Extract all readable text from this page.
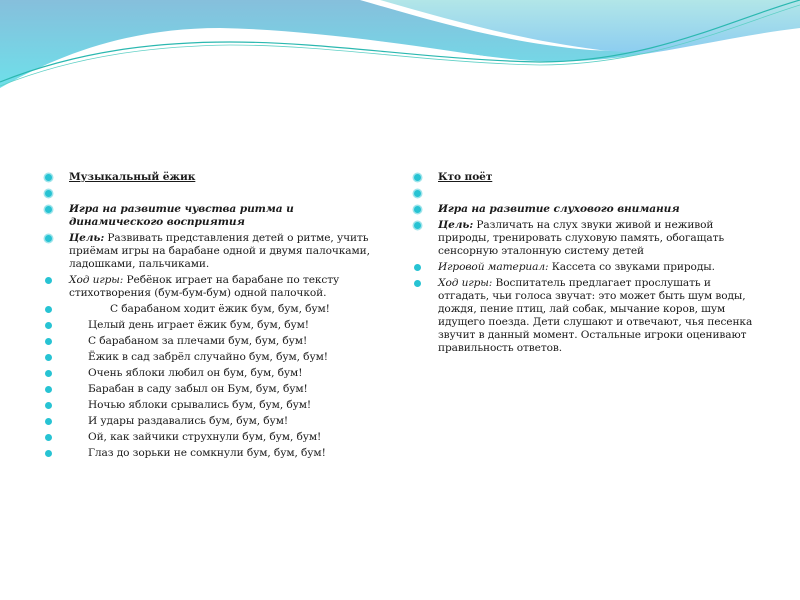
Музыкальный ёжик
Игра на развитие чувства ритма и динамического восприятия
Цель: Развивать представления детей о ритме, учить приёмам игры на барабане одной и двумя палочками, ладошками, пальчиками.
Ход игры: Ребёнок играет на барабане по тексту стихотворения (бум-бум-бум) одной палочкой.
С барабаном ходит ёжик бум, бум, бум!
Целый день играет ёжик бум, бум, бум!
С барабаном за плечами бум, бум, бум!
Ёжик в сад забрёл случайно бум, бум, бум!
Очень яблоки любил он бум, бум, бум!
Барабан в саду забыл он Бум, бум, бум!
Ночью яблоки срывались бум, бум, бум!
И удары раздавались бум, бум, бум!
Ой, как зайчики струхнули бум, бум, бум!
Глаз до зорьки не сомкнули бум, бум, бум!
Кто поёт
Игра на развитие слухового внимания
Цель: Различать на слух звуки живой и неживой природы, тренировать слуховую память, обогащать сенсорную эталонную систему детей
Игровой материал: Кассета со звуками природы.
Ход игры: Воспитатель предлагает прослушать и отгадать, чьи голоса звучат: это может быть шум воды, дождя, пение птиц, лай собак, мычание коров, шум идущего поезда. Дети слушают и отвечают, чья песенка звучит в данный момент. Остальные игроки оценивают правильность ответов.
